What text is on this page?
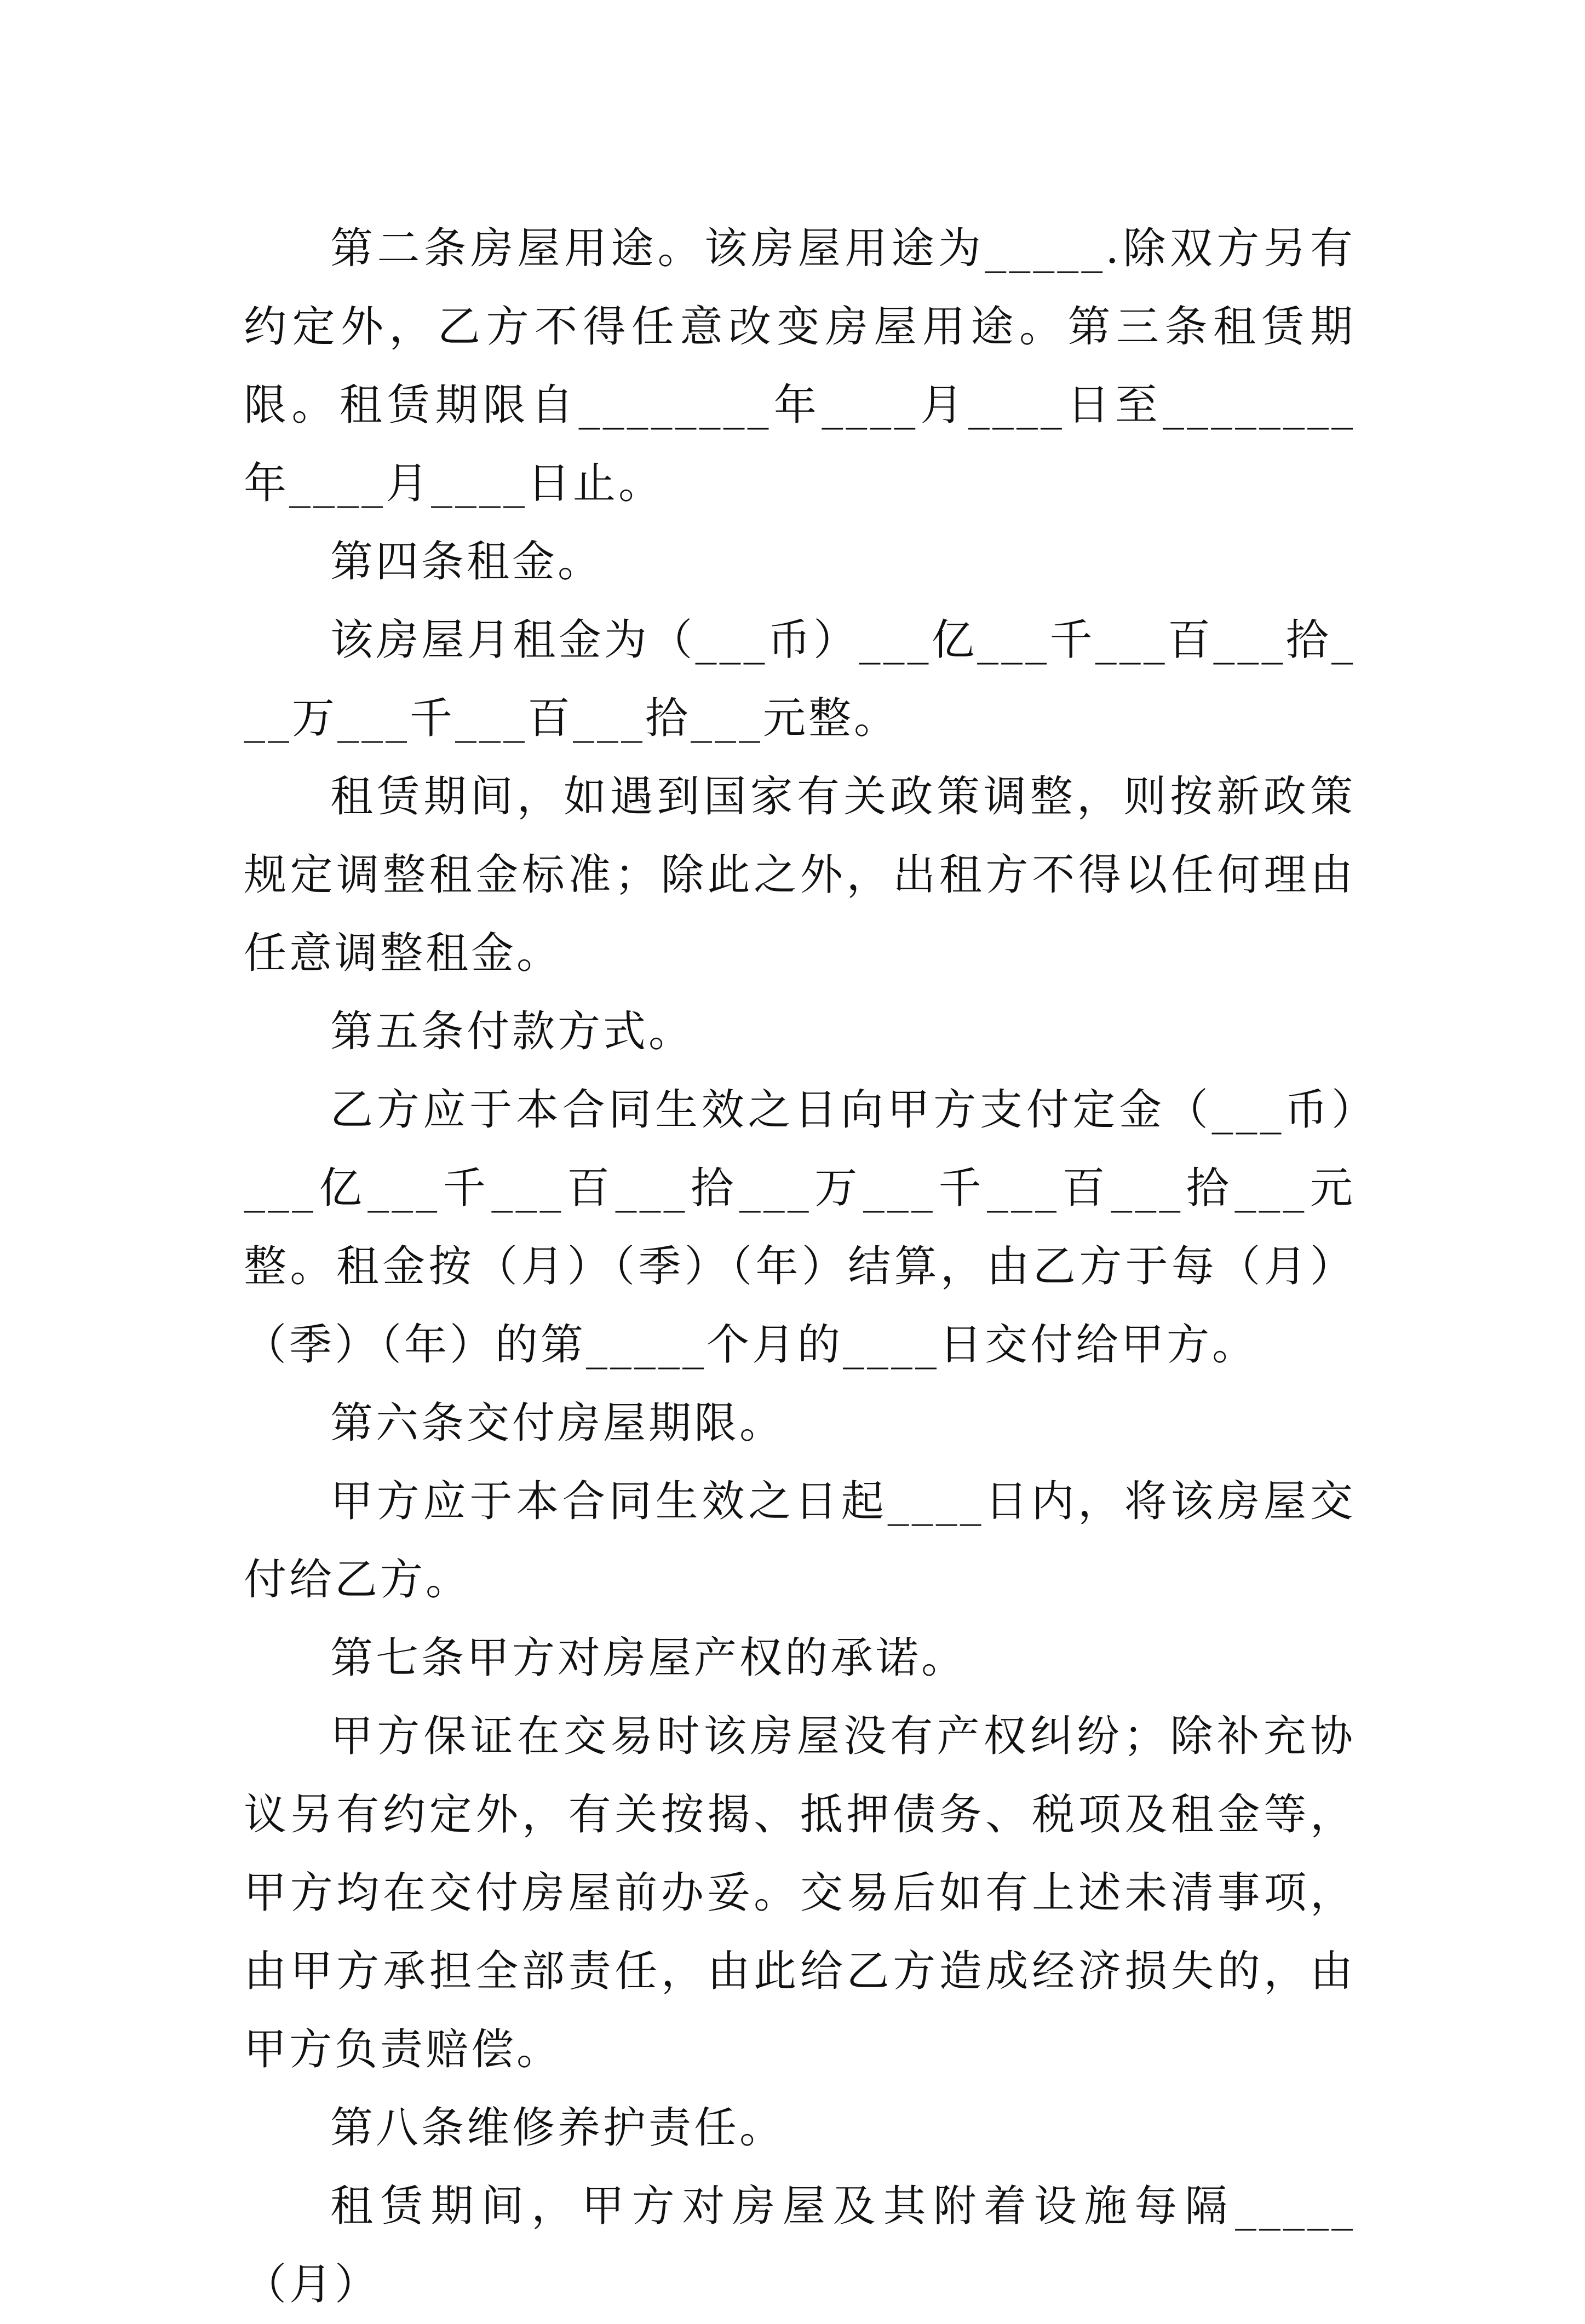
第二条房屋用途。该房屋用途为_____.除双方另有约定外，乙方不得任意改变房屋用途。第三条租赁期限。租赁期限自________年____月____日至________年____月____日止。

第四条租金。

该房屋月租金为（___币）___亿___千___百___拾___万___千___百___拾___元整。

租赁期间，如遇到国家有关政策调整，则按新政策规定调整租金标准；除此之外，出租方不得以任何理由任意调整租金。

第五条付款方式。

乙方应于本合同生效之日向甲方支付定金（___币）___亿___千___百___拾___万___千___百___拾___元整。租金按（月）（季）（年）结算，由乙方于每（月）（季）（年）的第_____个月的____日交付给甲方。

第六条交付房屋期限。

甲方应于本合同生效之日起____日内，将该房屋交付给乙方。

第七条甲方对房屋产权的承诺。

甲方保证在交易时该房屋没有产权纠纷；除补充协议另有约定外，有关按揭、抵押债务、税项及租金等，甲方均在交付房屋前办妥。交易后如有上述未清事项，由甲方承担全部责任，由此给乙方造成经济损失的，由甲方负责赔偿。

第八条维修养护责任。

租赁期间，甲方对房屋及其附着设施每隔_____（月）
